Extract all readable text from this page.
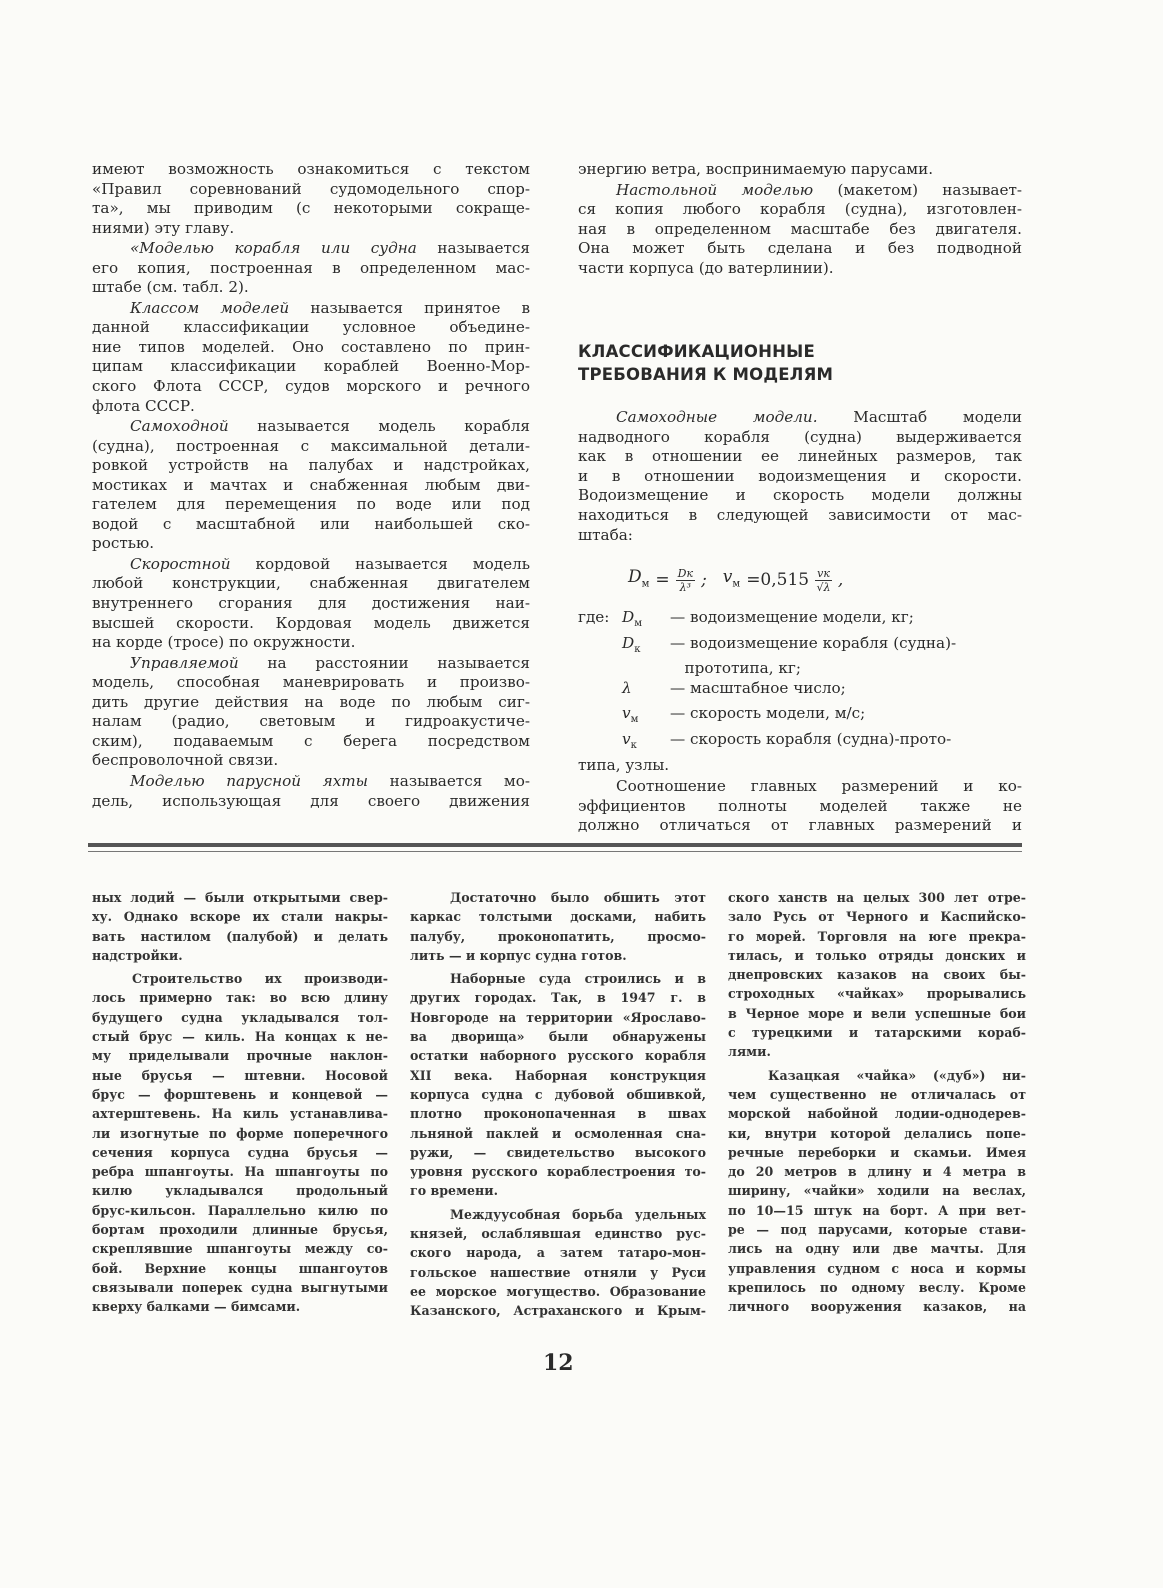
имеют возможность ознакомиться с текстом
«Правил соревнований судомодельного спор-
та», мы приводим (с некоторыми сокраще-
ниями) эту главу.
«Моделью корабля или судна называется
его копия, построенная в определенном мас-
штабе (см. табл. 2).
Классом моделей называется принятое в
данной классификации условное объедине-
ние типов моделей. Оно составлено по прин-
ципам классификации кораблей Военно-Мор-
ского Флота СССР, судов морского и речного
флота СССР.
Самоходной называется модель корабля
(судна), построенная с максимальной детали-
ровкой устройств на палубах и надстройках,
мостиках и мачтах и снабженная любым дви-
гателем для перемещения по воде или под
водой с масштабной или наибольшей ско-
ростью.
Скоростной кордовой называется модель
любой конструкции, снабженная двигателем
внутреннего сгорания для достижения наи-
высшей скорости. Кордовая модель движется
на корде (тросе) по окружности.
Управляемой на расстоянии называется
модель, способная маневрировать и произво-
дить другие действия на воде по любым сиг-
налам (радио, световым и гидроакустиче-
ским), подаваемым с берега посредством
беспроволочной связи.
Моделью парусной яхты называется мо-
дель, использующая для своего движения
энергию ветра, воспринимаемую парусами.
Настольной моделью (макетом) называет-
ся копия любого корабля (судна), изготовлен-
ная в определенном масштабе без двигателя.
Она может быть сделана и без подводной
части корпуса (до ватерлинии).
КЛАССИФИКАЦИОННЫЕ
ТРЕБОВАНИЯ К МОДЕЛЯМ
Самоходные модели. Масштаб модели
надводного корабля (судна) выдерживается
как в отношении ее линейных размеров, так
и в отношении водоизмещения и скорости.
Водоизмещение и скорость модели должны
находиться в следующей зависимости от мас-
штаба:
$D_м = \frac{Dк}{\text{λ³}}$ ; $v_м =0,515 \frac{vк}{√\lambda}$ ,
где: $D_м$	— водоизмещение модели, кг;
$D_к$	— водоизмещение корабля (судна)-
прототипа, кг;
λ	— масштабное число;
$v_м$	— скорость модели, м/с;
$v_к$	— скорость корабля (судна)-прото-
типа, узлы.
Соотношение главных размерений и ко-
эффициентов полноты моделей также не
должно отличаться от главных размерений и
ных лодий — были открытыми свер-
ху. Однако вскоре их стали накры-
вать настилом (палубой) и делать
надстройки.
Строительство их производи-
лось примерно так: во всю длину
будущего судна укладывался тол-
стый брус — киль. На концах к не-
му приделывали прочные наклон-
ные брусья — штевни. Носовой
брус — форштевень и концевой —
ахтерштевень. На киль устанавлива-
ли изогнутые по форме поперечного
сечения корпуса судна брусья —
ребра шпангоуты. На шпангоуты по
килю укладывался продольный
брус-кильсон. Параллельно килю по
бортам проходили длинные брусья,
скреплявшие шпангоуты между со-
бой. Верхние концы шпангоутов
связывали поперек судна выгнутыми
кверху балками — бимсами.
Достаточно было обшить этот
каркас толстыми досками, набить
палубу, проконопатить, просмо-
лить — и корпус судна готов.
Наборные суда строились и в
других городах. Так, в 1947 г. в
Новгороде на территории «Ярославо-
ва дворища» были обнаружены
остатки наборного русского корабля
XII века. Наборная конструкция
корпуса судна с дубовой обшивкой,
плотно проконопаченная в швах
льняной паклей и осмоленная сна-
ружи, — свидетельство высокого
уровня русского кораблестроения то-
го времени.
Междуусобная борьба удельных
князей, ослаблявшая единство рус-
ского народа, а затем татаро-мон-
гольское нашествие отняли у Руси
ее морское могущество. Образование
Казанского, Астраханского и Крым-
ского ханств на целых 300 лет отре-
зало Русь от Черного и Каспийско-
го морей. Торговля на юге прекра-
тилась, и только отряды донских и
днепровских казаков на своих бы-
строходных «чайках» прорывались
в Черное море и вели успешные бои
с турецкими и татарскими кораб-
лями.
Казацкая «чайка» («дуб») ни-
чем существенно не отличалась от
морской набойной лодии-однодерев-
ки, внутри которой делались попе-
речные переборки и скамьи. Имея
до 20 метров в длину и 4 метра в
ширину, «чайки» ходили на веслах,
по 10—15 штук на борт. А при вет-
ре — под парусами, которые стави-
лись на одну или две мачты. Для
управления судном с носа и кормы
крепилось по одному веслу. Кроме
личного вооружения казаков, на
12
